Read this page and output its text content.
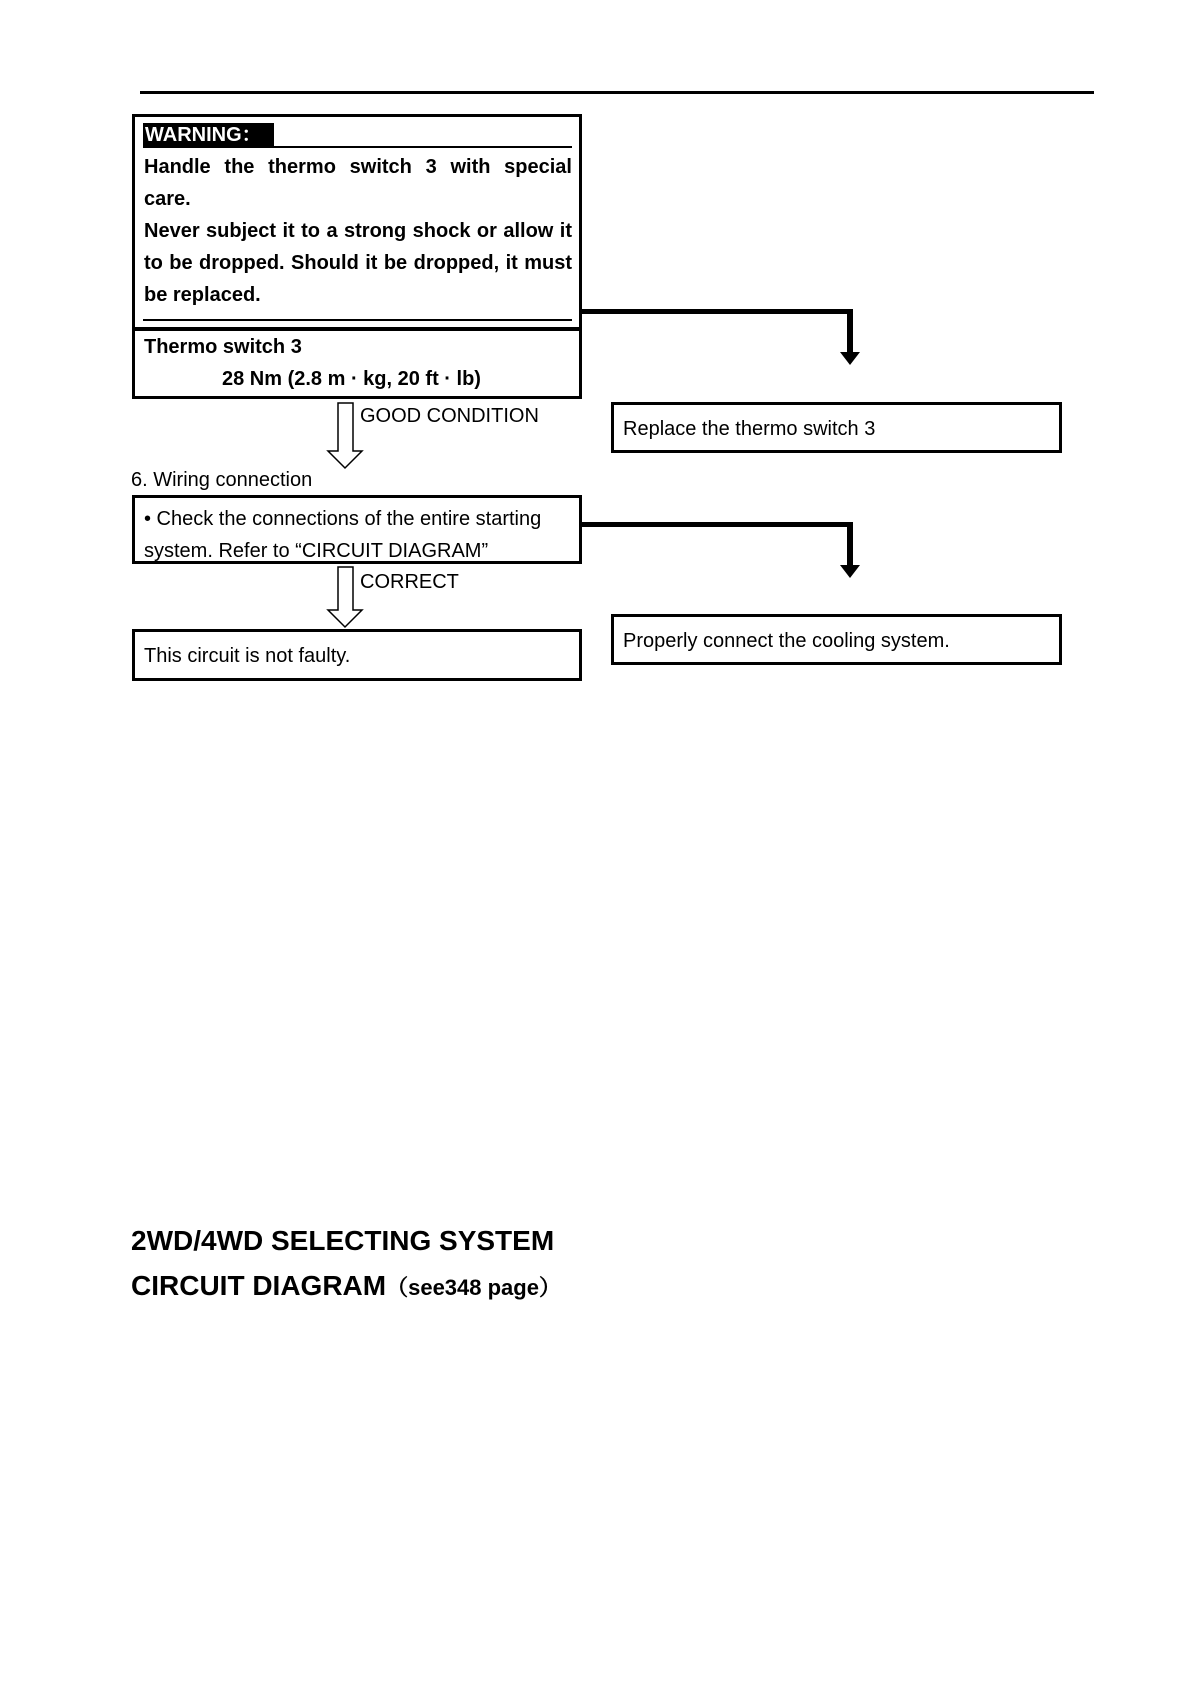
WARNING：

Handle the thermo switch 3 with special care.

Never subject it to a strong shock or allow it to be dropped. Should it be dropped, it must be replaced.

Thermo switch 3
28 Nm (2.8 m · kg, 20 ft · lb)
GOOD CONDITION
Replace the thermo switch 3
6. Wiring connection
• Check the connections of the entire starting
system. Refer to “CIRCUIT DIAGRAM”
CORRECT
Properly connect the cooling system.
This circuit is not faulty.
2WD/4WD SELECTING SYSTEM
CIRCUIT DIAGRAM（see348 page）
